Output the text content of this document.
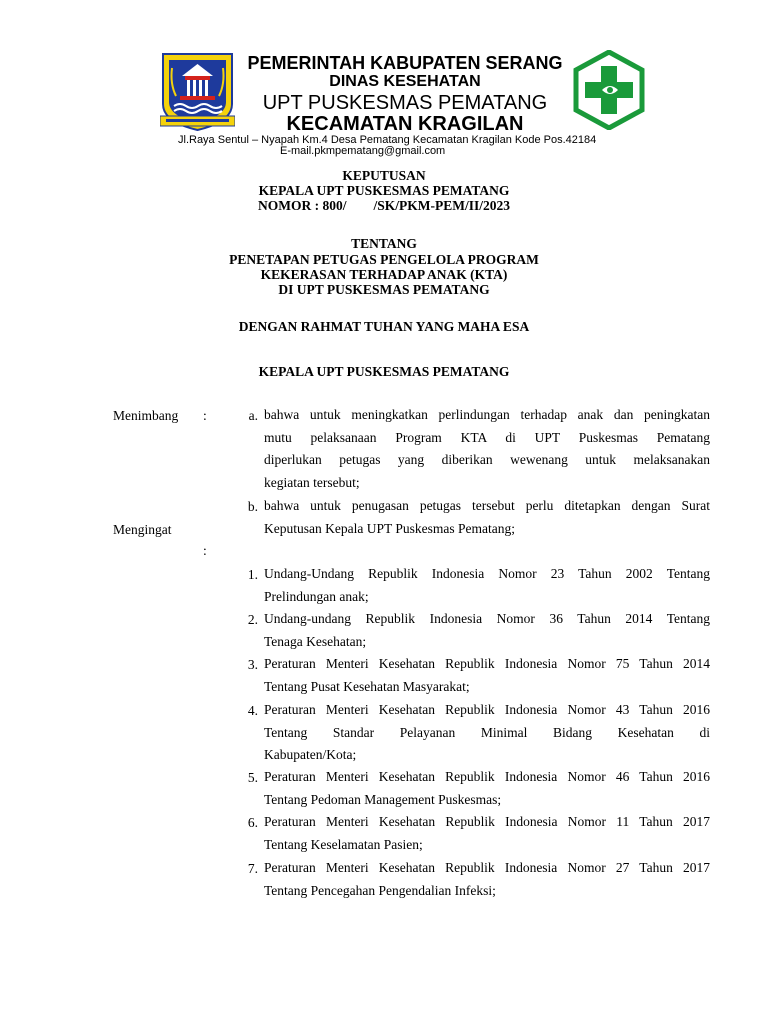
PEMERINTAH KABUPATEN SERANG
DINAS KESEHATAN
UPT PUSKESMAS PEMATANG
KECAMATAN KRAGILAN
Jl.Raya Sentul – Nyapah Km.4 Desa Pematang Kecamatan Kragilan Kode Pos.42184
E-mail.pkmpematang@gmail.com
KEPUTUSAN
KEPALA UPT PUSKESMAS PEMATANG
NOMOR : 800/        /SK/PKM-PEM/II/2023
TENTANG
PENETAPAN PETUGAS PENGELOLA PROGRAM
KEKERASAN TERHADAP ANAK (KTA)
DI UPT PUSKESMAS PEMATANG
DENGAN RAHMAT TUHAN YANG MAHA ESA
KEPALA UPT PUSKESMAS PEMATANG
Menimbang :	a. bahwa untuk meningkatkan perlindungan terhadap anak dan peningkatan
mutu pelaksanaan Program KTA di UPT Puskesmas Pematang
diperlukan petugas yang diberikan wewenang untuk melaksanakan
kegiatan tersebut;
b. bahwa untuk penugasan petugas tersebut perlu ditetapkan dengan Surat
Keputusan Kepala UPT Puskesmas Pematang;
Mengingat
:
1. Undang-Undang Republik Indonesia Nomor 23 Tahun 2002 Tentang
Prelindungan anak;
2. Undang-undang Republik Indonesia Nomor 36 Tahun 2014 Tentang
Tenaga Kesehatan;
3. Peraturan Menteri Kesehatan Republik Indonesia Nomor 75 Tahun 2014
Tentang Pusat Kesehatan Masyarakat;
4. Peraturan Menteri Kesehatan Republik Indonesia Nomor 43 Tahun 2016
Tentang Standar Pelayanan Minimal Bidang Kesehatan di
Kabupaten/Kota;
5. Peraturan Menteri Kesehatan Republik Indonesia Nomor 46 Tahun 2016
Tentang Pedoman Management Puskesmas;
6. Peraturan Menteri Kesehatan Republik Indonesia Nomor 11 Tahun 2017
Tentang Keselamatan Pasien;
7. Peraturan Menteri Kesehatan Republik Indonesia Nomor 27 Tahun 2017
Tentang Pencegahan Pengendalian Infeksi;
